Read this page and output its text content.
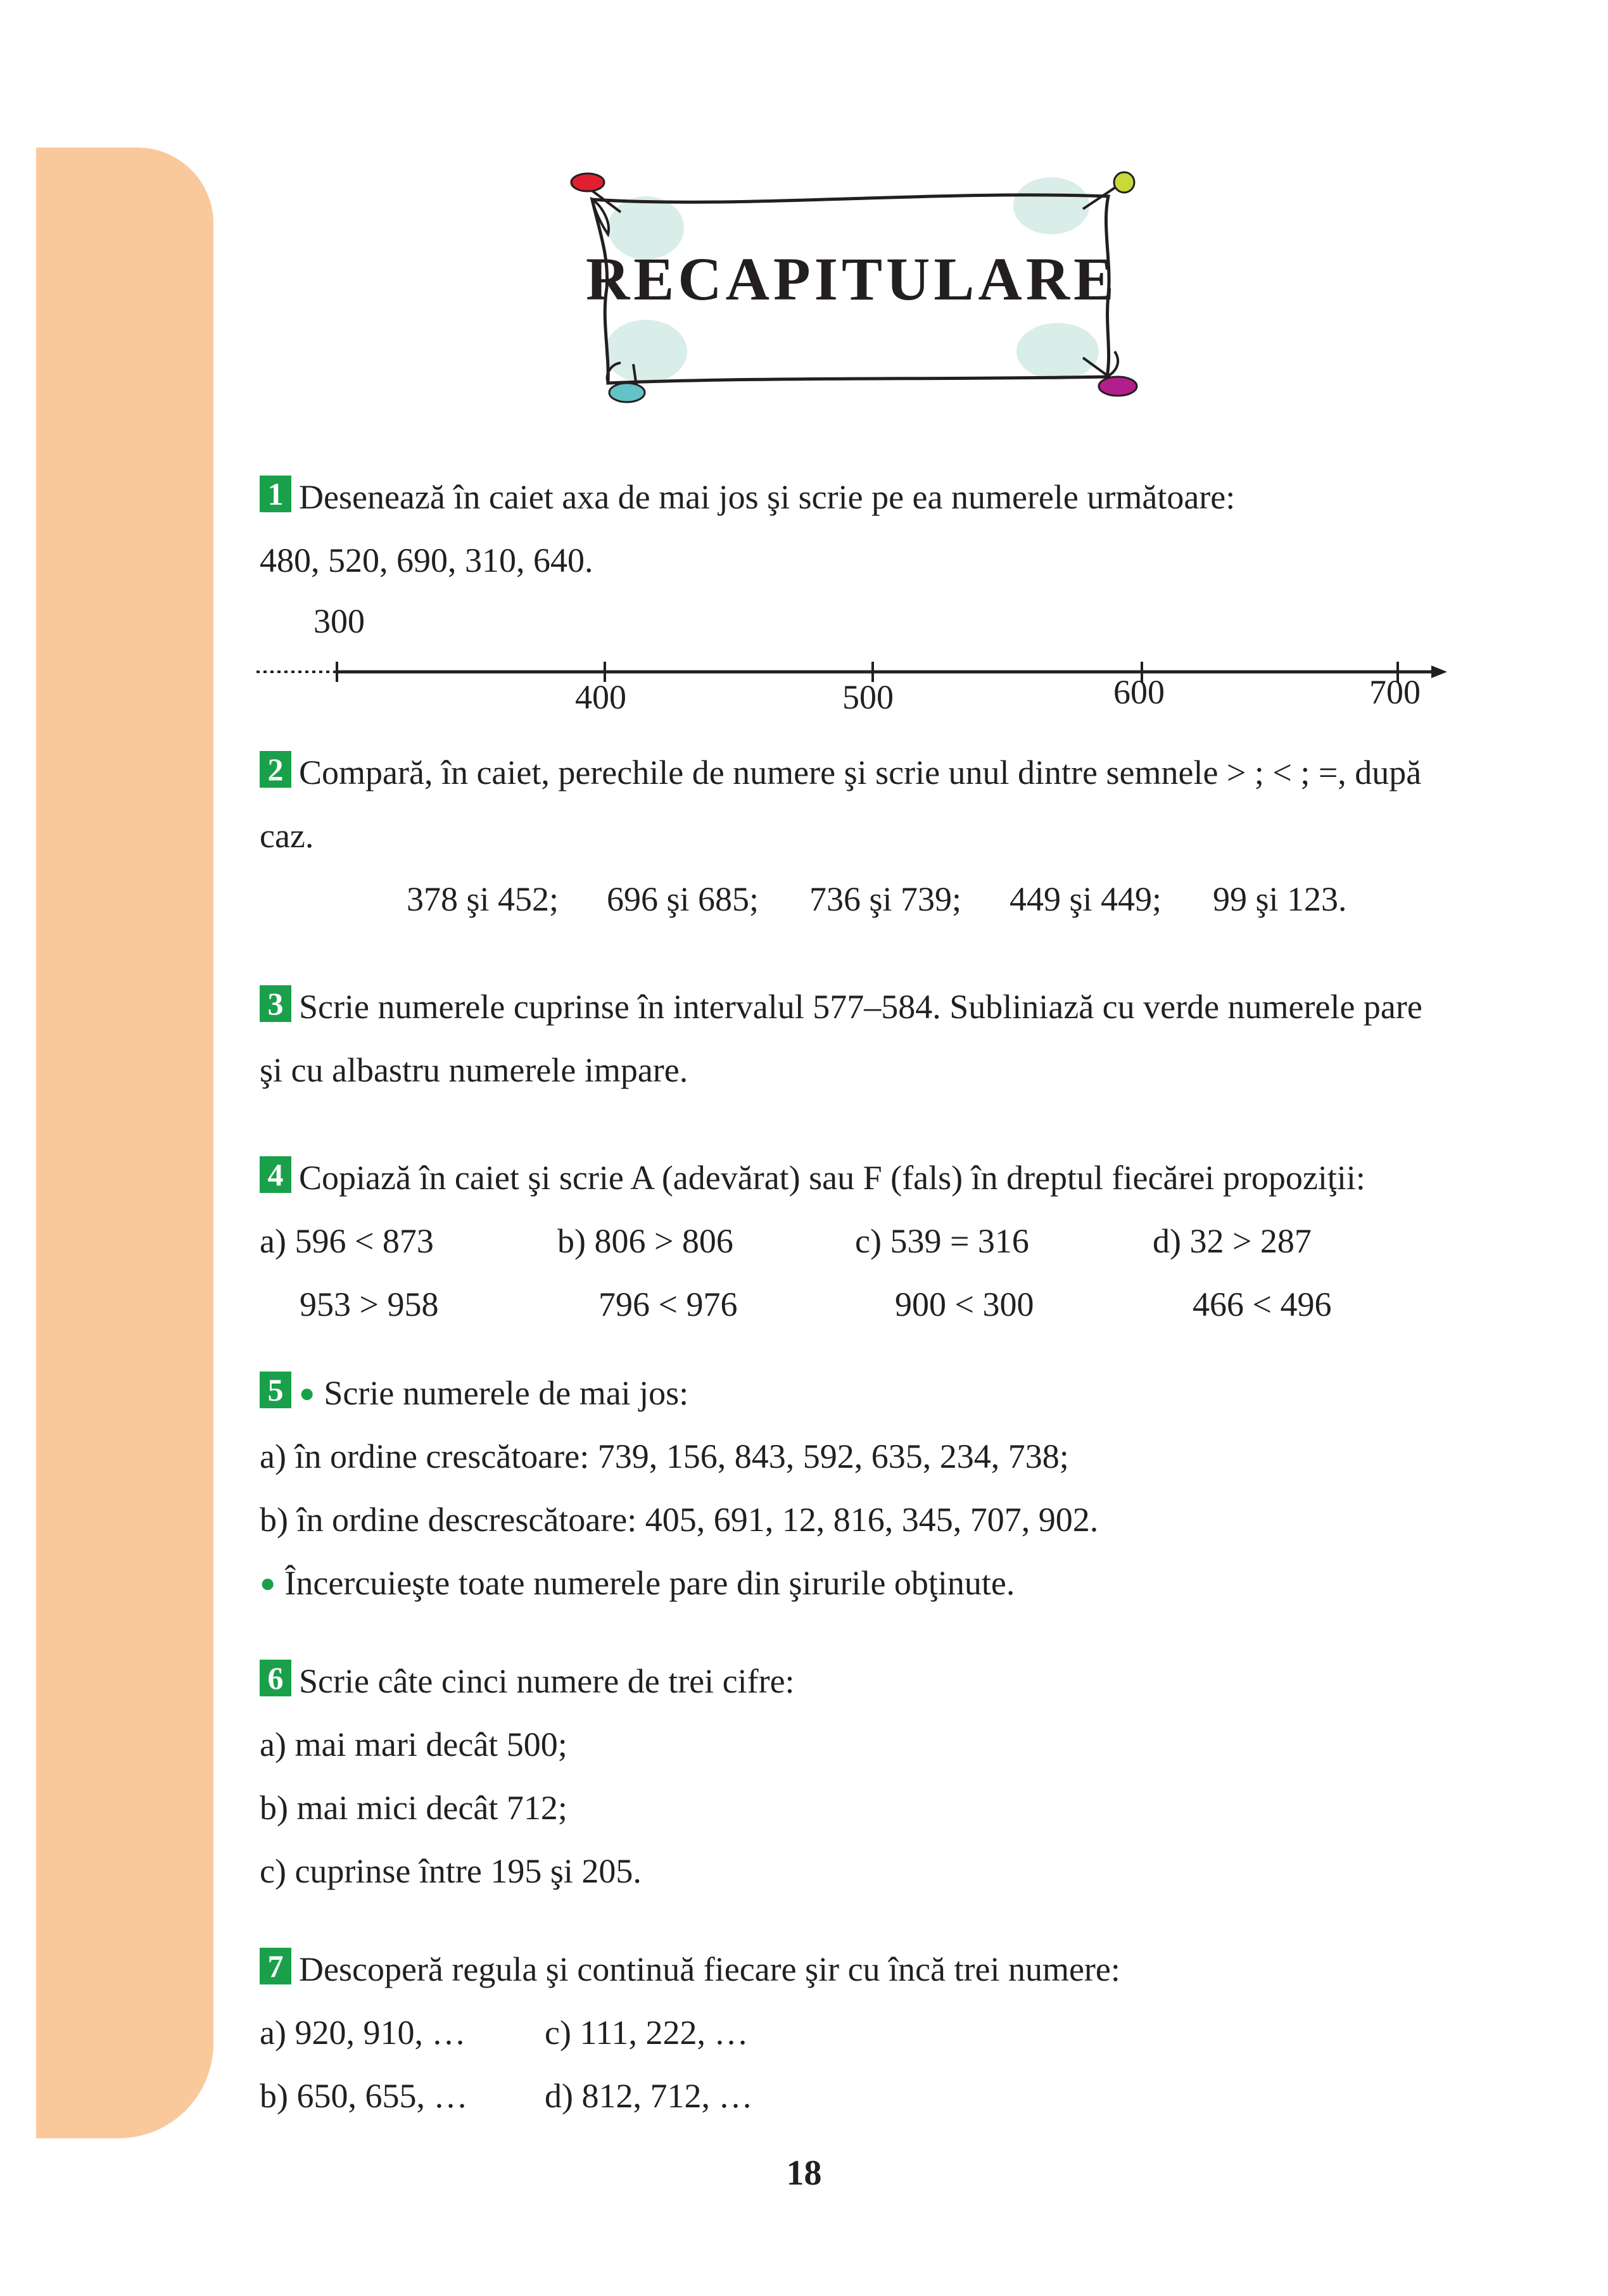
RECAPITULARE
1 Desenează în caiet axa de mai jos şi scrie pe ea numerele următoare:
480, 520, 690, 310, 640.
300
400	500	600	700
2 Compară, în caiet, perechile de numere şi scrie unul dintre semnele > ; < ; =, după
caz.
378 şi 452; 696 şi 685; 736 şi 739; 449 şi 449; 99 şi 123.
3 Scrie numerele cuprinse în intervalul 577–584. Subliniază cu verde numerele pare
şi cu albastru numerele impare.
4 Copiază în caiet şi scrie A (adevărat) sau F (fals) în dreptul fiecărei propoziţii:
a) 596 < 873	b) 806 > 806	c) 539 = 316	d) 32 > 287
953 > 958	796 < 976	900 < 300	466 < 496
5 ● Scrie numerele de mai jos:
a) în ordine crescătoare: 739, 156, 843, 592, 635, 234, 738;
b) în ordine descrescătoare: 405, 691, 12, 816, 345, 707, 902.
● Încercuieşte toate numerele pare din şirurile obţinute.
6 Scrie câte cinci numere de trei cifre:
a) mai mari decât 500;
b) mai mici decât 712;
c) cuprinse între 195 şi 205.
7 Descoperă regula şi continuă fiecare şir cu încă trei numere:
a) 920, 910, … c) 111, 222, …
b) 650, 655, … d) 812, 712, …
18
